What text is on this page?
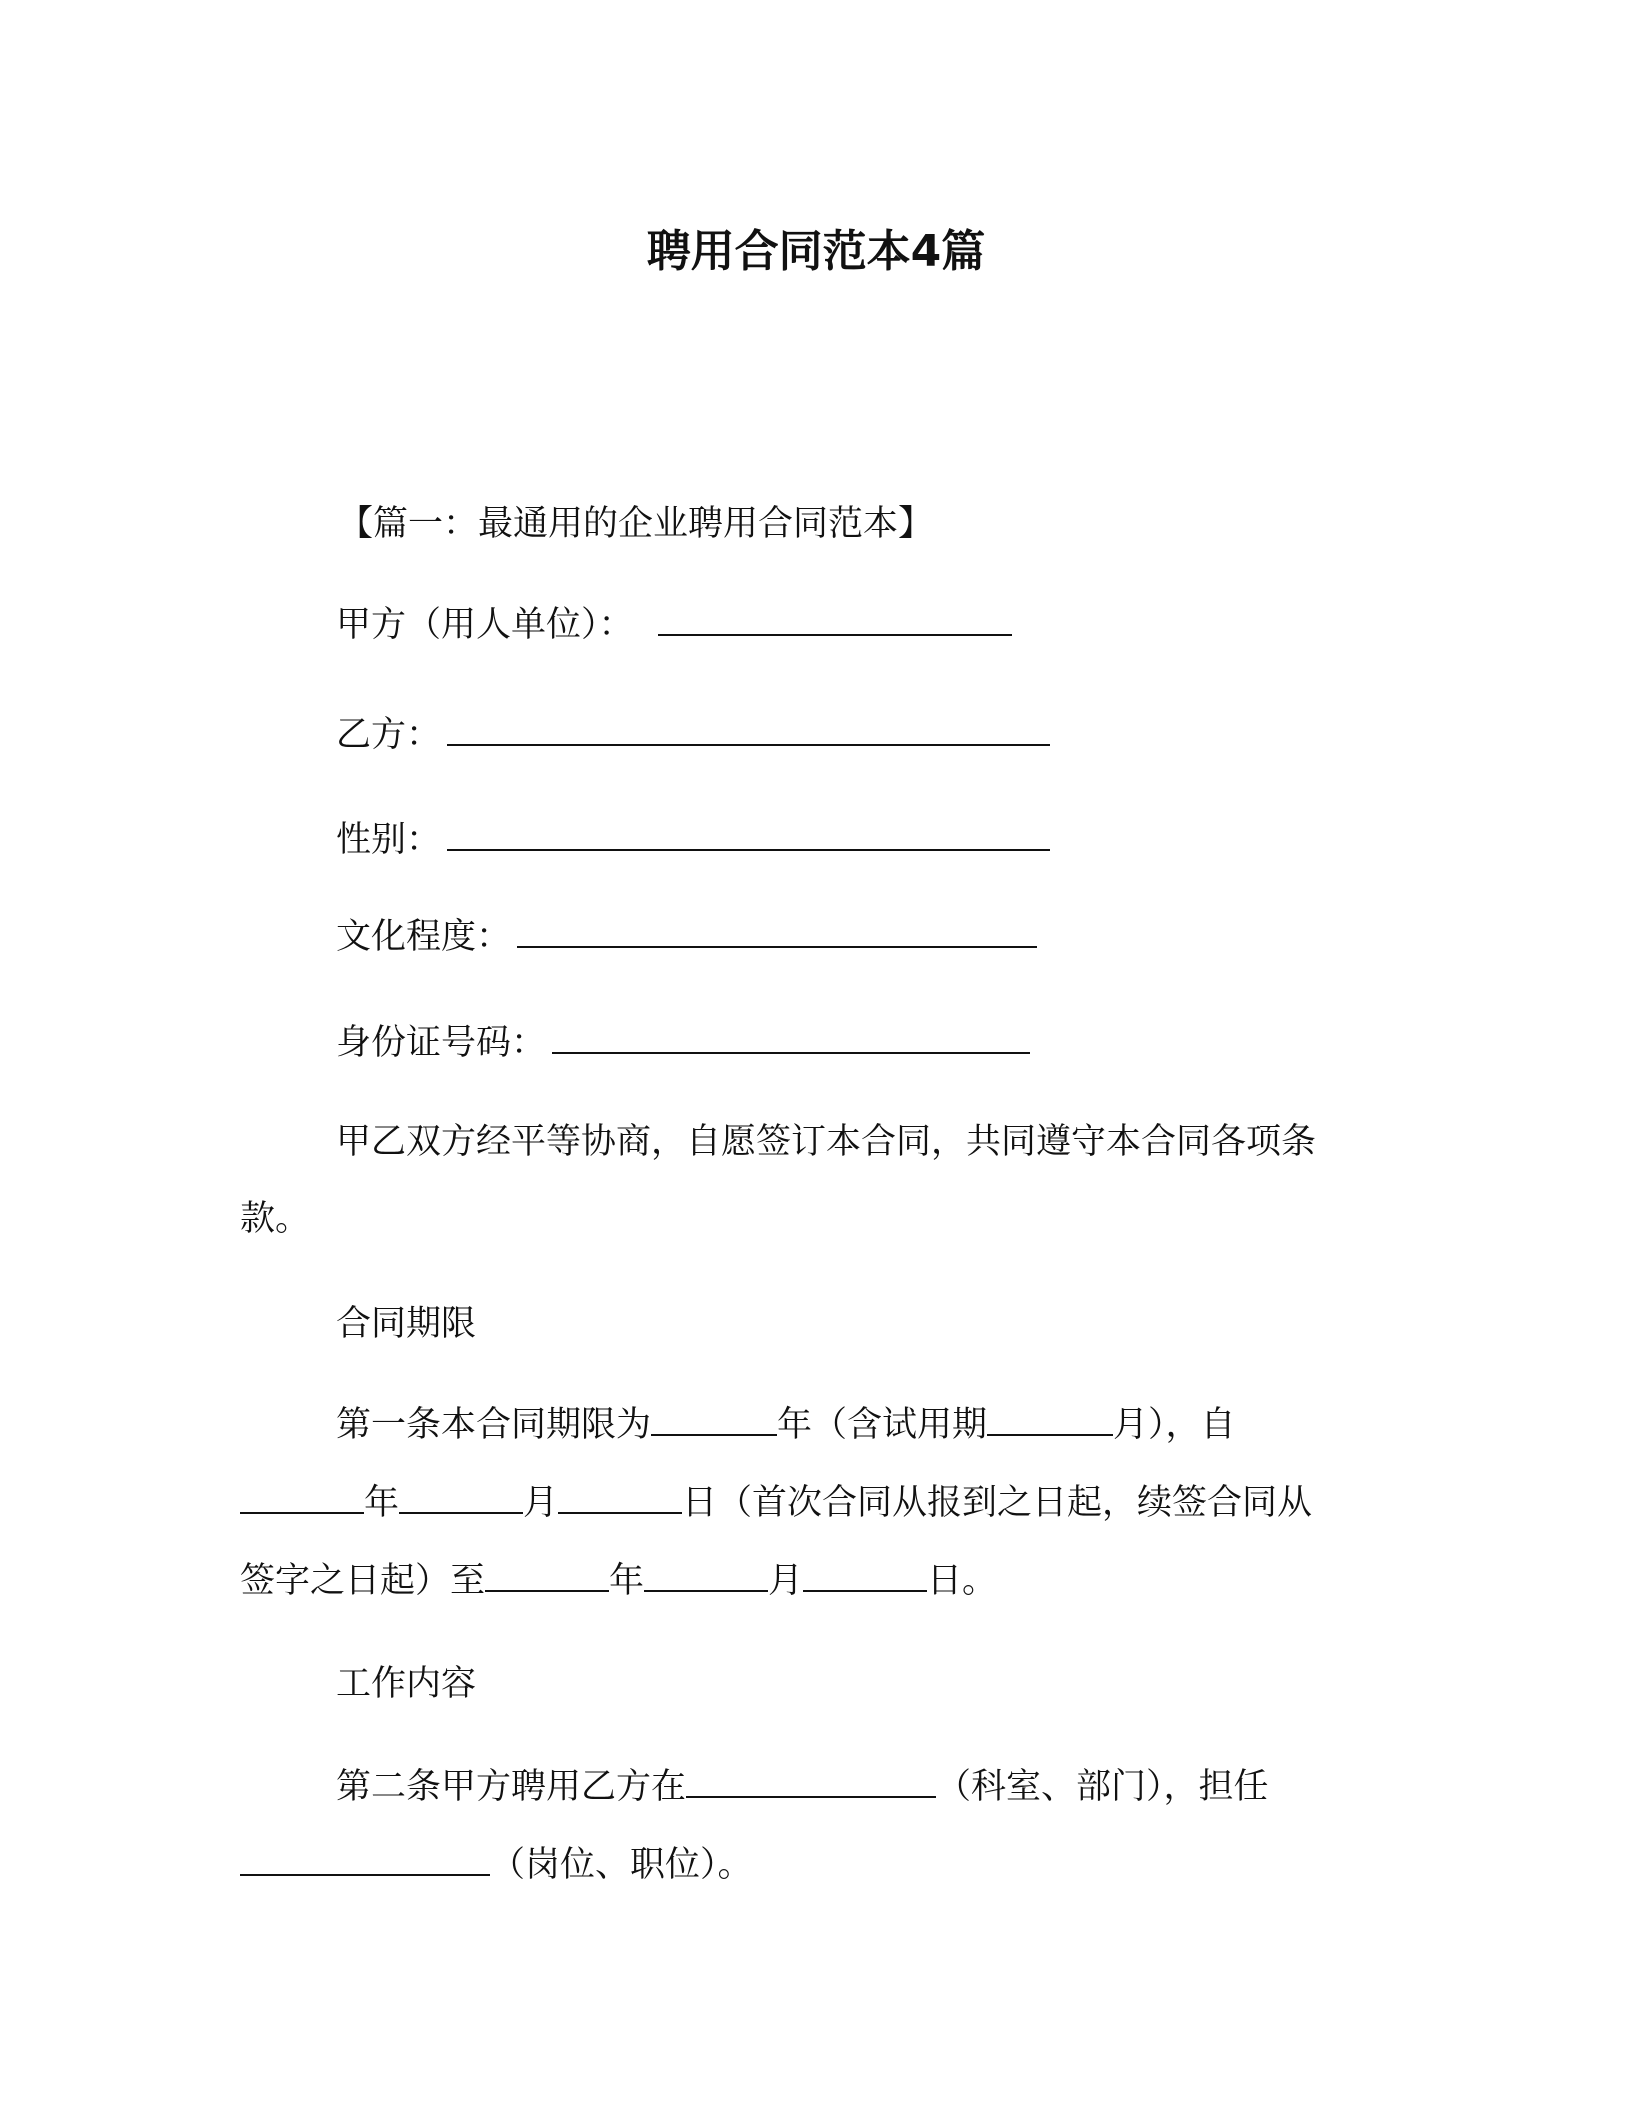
聘用合同范本4篇
【篇一：最通用的企业聘用合同范本】
甲方（用人单位）：
乙方：
性别：
文化程度：
身份证号码：
甲乙双方经平等协商，自愿签订本合同，共同遵守本合同各项条
款。
合同期限
第一条本合同期限为	年（含试用期	月），自
年	月	日（首次合同从报到之日起，续签合同从
签字之日起）至	年	月	日。
工作内容
第二条甲方聘用乙方在	（科室、部门），担任
（岗位、职位）。
